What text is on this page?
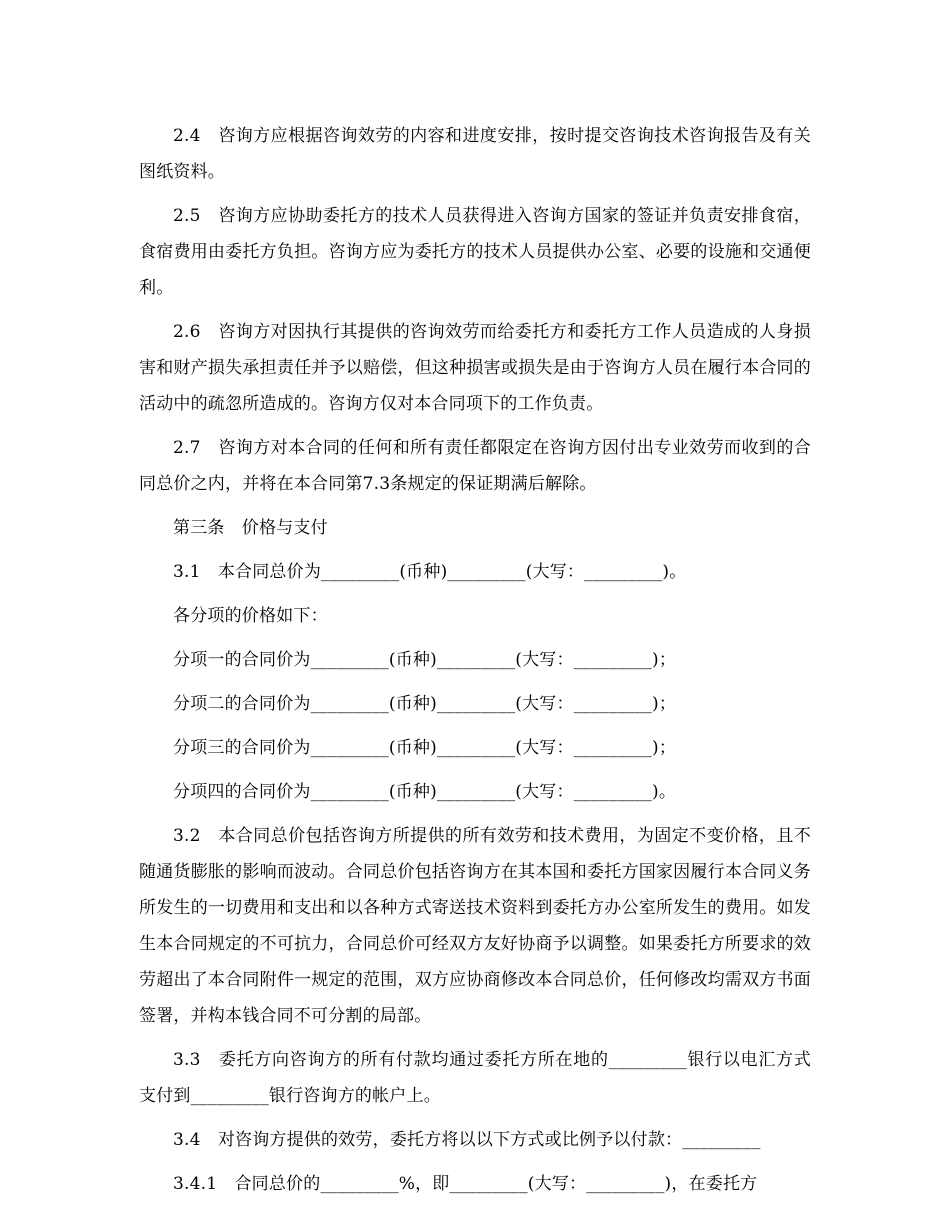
2.4　咨询方应根据咨询效劳的内容和进度安排，按时提交咨询技术咨询报告及有关图纸资料。

2.5　咨询方应协助委托方的技术人员获得进入咨询方国家的签证并负责安排食宿，食宿费用由委托方负担。咨询方应为委托方的技术人员提供办公室、必要的设施和交通便利。

2.6　咨询方对因执行其提供的咨询效劳而给委托方和委托方工作人员造成的人身损害和财产损失承担责任并予以赔偿，但这种损害或损失是由于咨询方人员在履行本合同的活动中的疏忽所造成的。咨询方仅对本合同项下的工作负责。

2.7　咨询方对本合同的任何和所有责任都限定在咨询方因付出专业效劳而收到的合同总价之内，并将在本合同第7.3条规定的保证期满后解除。

第三条　价格与支付

3.1　本合同总价为_________(币种)_________(大写：_________)。

各分项的价格如下：

分项一的合同价为_________(币种)_________(大写：_________)；

分项二的合同价为_________(币种)_________(大写：_________)；

分项三的合同价为_________(币种)_________(大写：_________)；

分项四的合同价为_________(币种)_________(大写：_________)。

3.2　本合同总价包括咨询方所提供的所有效劳和技术费用，为固定不变价格，且不随通货膨胀的影响而波动。合同总价包括咨询方在其本国和委托方国家因履行本合同义务所发生的一切费用和支出和以各种方式寄送技术资料到委托方办公室所发生的费用。如发生本合同规定的不可抗力，合同总价可经双方友好协商予以调整。如果委托方所要求的效劳超出了本合同附件一规定的范围，双方应协商修改本合同总价，任何修改均需双方书面签署，并构本钱合同不可分割的局部。

3.3　委托方向咨询方的所有付款均通过委托方所在地的_________银行以电汇方式支付到_________银行咨询方的帐户上。

3.4　对咨询方提供的效劳，委托方将以以下方式或比例予以付款：_________

3.4.1　合同总价的_________%，即_________(大写：_________)，在委托方
